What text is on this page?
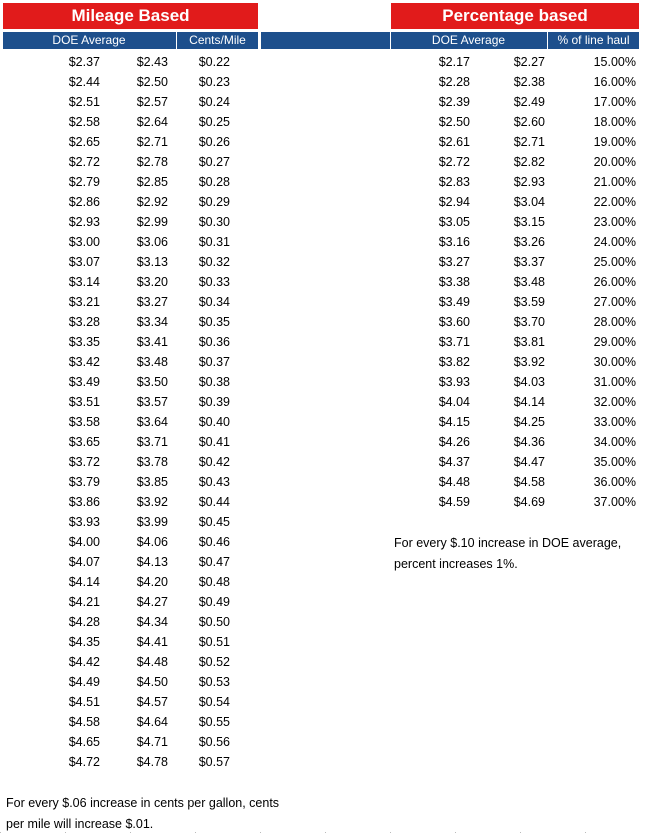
Mileage Based
DOE Average	Cents/Mile
$2.37	$2.43	$0.22
$2.44	$2.50	$0.23
$2.51	$2.57	$0.24
$2.58	$2.64	$0.25
$2.65	$2.71	$0.26
$2.72	$2.78	$0.27
$2.79	$2.85	$0.28
$2.86	$2.92	$0.29
$2.93	$2.99	$0.30
$3.00	$3.06	$0.31
$3.07	$3.13	$0.32
$3.14	$3.20	$0.33
$3.21	$3.27	$0.34
$3.28	$3.34	$0.35
$3.35	$3.41	$0.36
$3.42	$3.48	$0.37
$3.49	$3.50	$0.38
$3.51	$3.57	$0.39
$3.58	$3.64	$0.40
$3.65	$3.71	$0.41
$3.72	$3.78	$0.42
$3.79	$3.85	$0.43
$3.86	$3.92	$0.44
$3.93	$3.99	$0.45
$4.00	$4.06	$0.46
$4.07	$4.13	$0.47
$4.14	$4.20	$0.48
$4.21	$4.27	$0.49
$4.28	$4.34	$0.50
$4.35	$4.41	$0.51
$4.42	$4.48	$0.52
$4.49	$4.50	$0.53
$4.51	$4.57	$0.54
$4.58	$4.64	$0.55
$4.65	$4.71	$0.56
$4.72	$4.78	$0.57
For every $.06 increase in cents per gallon, cents
per mile will increase $.01.
Percentage based
DOE Average	% of line haul
$2.17	$2.27	15.00%
$2.28	$2.38	16.00%
$2.39	$2.49	17.00%
$2.50	$2.60	18.00%
$2.61	$2.71	19.00%
$2.72	$2.82	20.00%
$2.83	$2.93	21.00%
$2.94	$3.04	22.00%
$3.05	$3.15	23.00%
$3.16	$3.26	24.00%
$3.27	$3.37	25.00%
$3.38	$3.48	26.00%
$3.49	$3.59	27.00%
$3.60	$3.70	28.00%
$3.71	$3.81	29.00%
$3.82	$3.92	30.00%
$3.93	$4.03	31.00%
$4.04	$4.14	32.00%
$4.15	$4.25	33.00%
$4.26	$4.36	34.00%
$4.37	$4.47	35.00%
$4.48	$4.58	36.00%
$4.59	$4.69	37.00%
For every $.10 increase in DOE average,
percent increases 1%.
